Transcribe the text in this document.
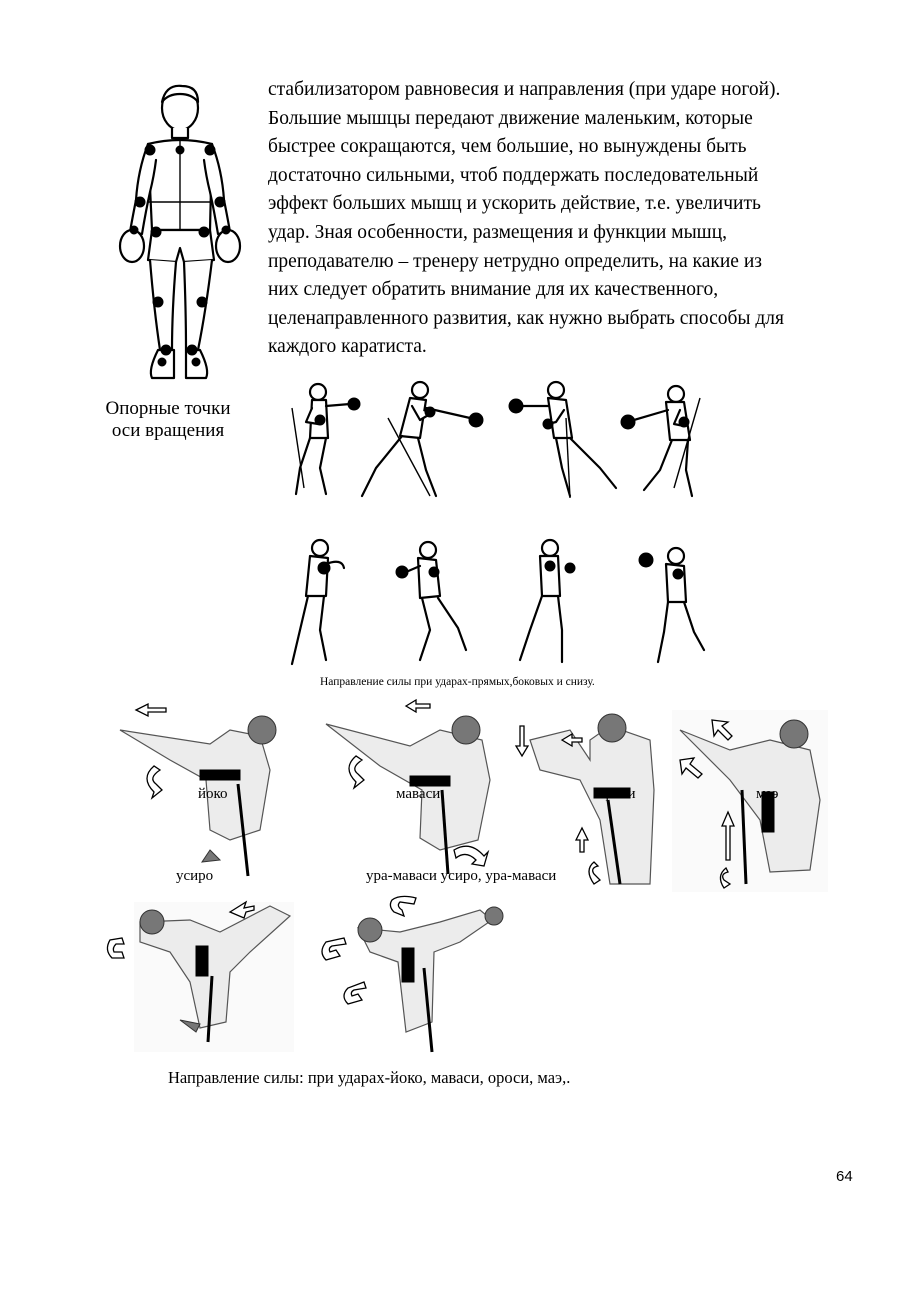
стабилизатором равновесия и направления (при ударе ногой).
Большие мышцы передают движение маленьким, которые
быстрее сокращаются, чем большие, но вынуждены быть
достаточно сильными, чтоб поддержать последовательный
эффект больших мышц и ускорить действие, т.е. увеличить
удар. Зная особенности, размещения и функции мышц,
преподавателю – тренеру нетрудно определить, на какие из
них следует обратить внимание для их качественного,
целенаправленного развития, как нужно выбрать способы для
каждого каратиста.
Опорные точки
оси вращения
Направление силы при ударах-прямых,боковых и снизу.
йоко	маваси	ороси	маэ
усиро	ура-маваси усиро, ура-маваси
Направление силы: при ударах-йоко, маваси, ороси, маэ,.
64
